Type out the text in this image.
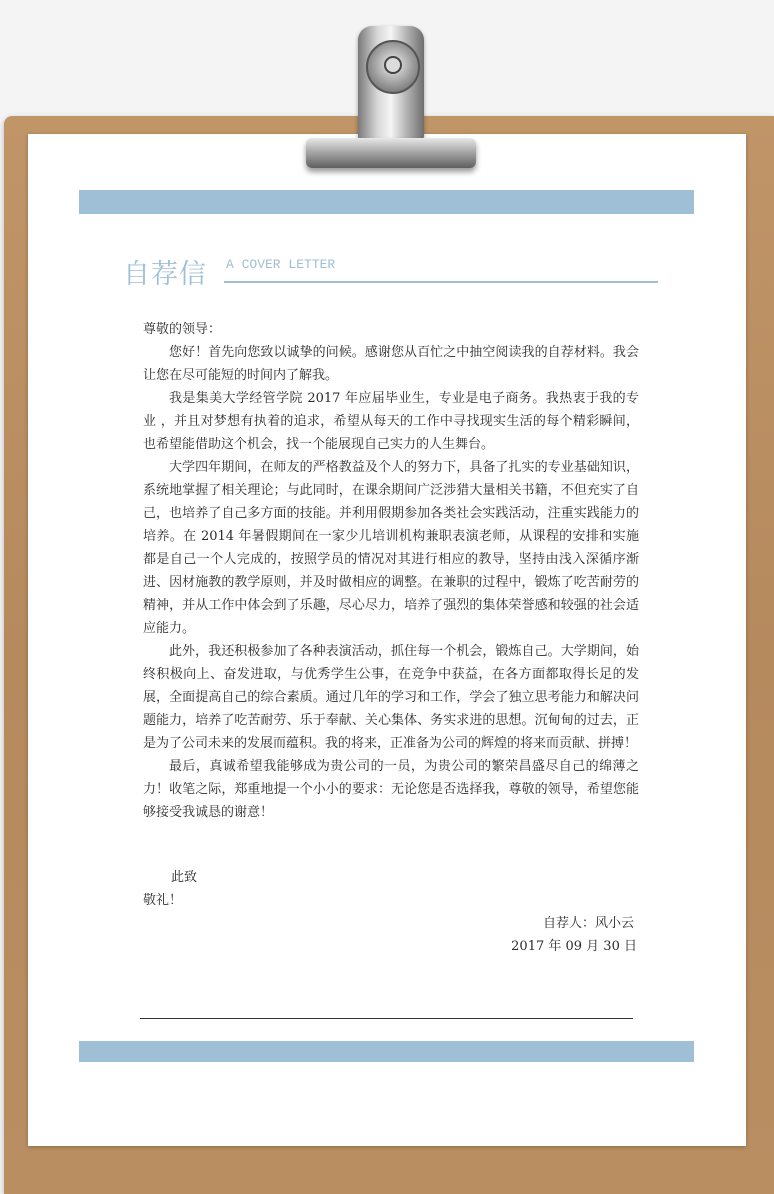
自荐信 A COVER LETTER

尊敬的领导：

您好！首先向您致以诚挚的问候。感谢您从百忙之中抽空阅读我的自荐材料。我会让您在尽可能短的时间内了解我。

我是集美大学经管学院 2017 年应届毕业生，专业是电子商务。我热衷于我的专业 ，并且对梦想有执着的追求，希望从每天的工作中寻找现实生活的每个精彩瞬间，也希望能借助这个机会，找一个能展现自己实力的人生舞台。

大学四年期间，在师友的严格教益及个人的努力下，具备了扎实的专业基础知识，系统地掌握了相关理论；与此同时，在课余期间广泛涉猎大量相关书籍，不但充实了自己，也培养了自己多方面的技能。并利用假期参加各类社会实践活动，注重实践能力的培养。在 2014 年暑假期间在一家少儿培训机构兼职表演老师，从课程的安排和实施都是自己一个人完成的，按照学员的情况对其进行相应的教导，坚持由浅入深循序渐进、因材施教的教学原则，并及时做相应的调整。在兼职的过程中，锻炼了吃苦耐劳的精神，并从工作中体会到了乐趣，尽心尽力，培养了强烈的集体荣誉感和较强的社会适应能力。

此外，我还积极参加了各种表演活动，抓住每一个机会，锻炼自己。大学期间，始终积极向上、奋发进取，与优秀学生公事，在竞争中获益，在各方面都取得长足的发展，全面提高自己的综合素质。通过几年的学习和工作，学会了独立思考能力和解决问题能力，培养了吃苦耐劳、乐于奉献、关心集体、务实求进的思想。沉甸甸的过去，正是为了公司未来的发展而蕴积。我的将来，正准备为公司的辉煌的将来而贡献、拼搏！

最后，真诚希望我能够成为贵公司的一员，为贵公司的繁荣昌盛尽自己的绵薄之力！收笔之际，郑重地提一个小小的要求：无论您是否选择我，尊敬的领导，希望您能够接受我诚恳的谢意！

此致
敬礼！
自荐人：风小云
2017 年 09 月 30 日
